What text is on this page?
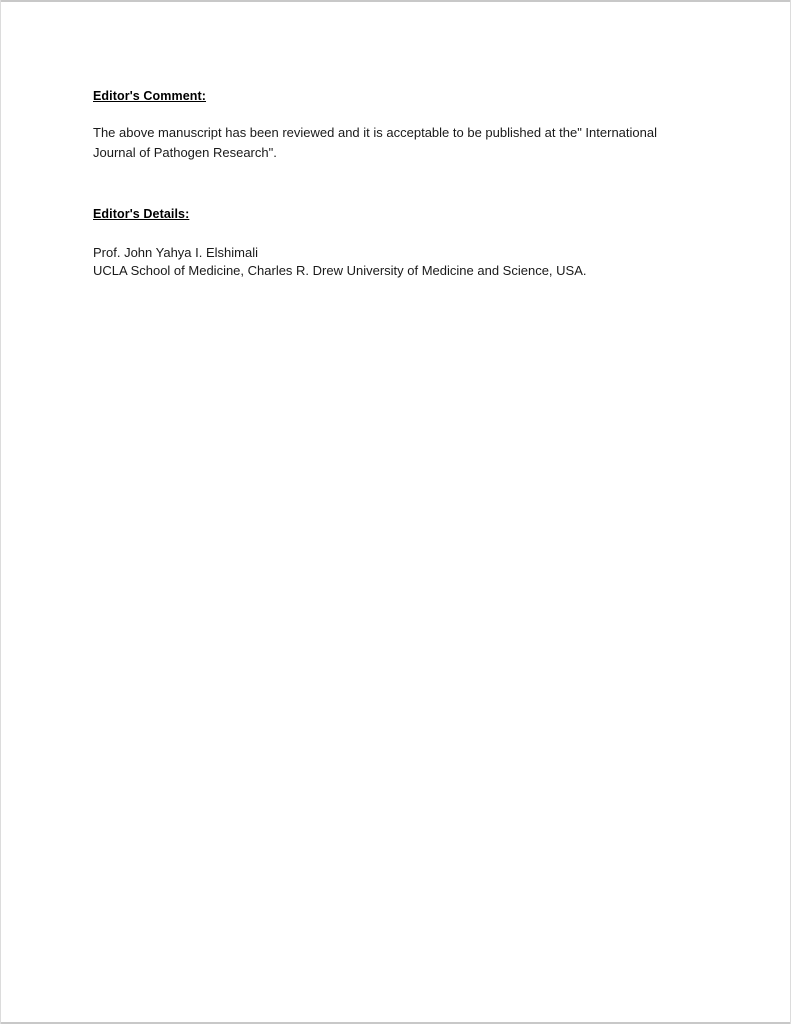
Editor's Comment:

The above manuscript has been reviewed and it is acceptable to be published at the" International Journal of Pathogen Research".

Editor's Details:

Prof. John Yahya I. Elshimali

UCLA School of Medicine, Charles R. Drew University of Medicine and Science, USA.
